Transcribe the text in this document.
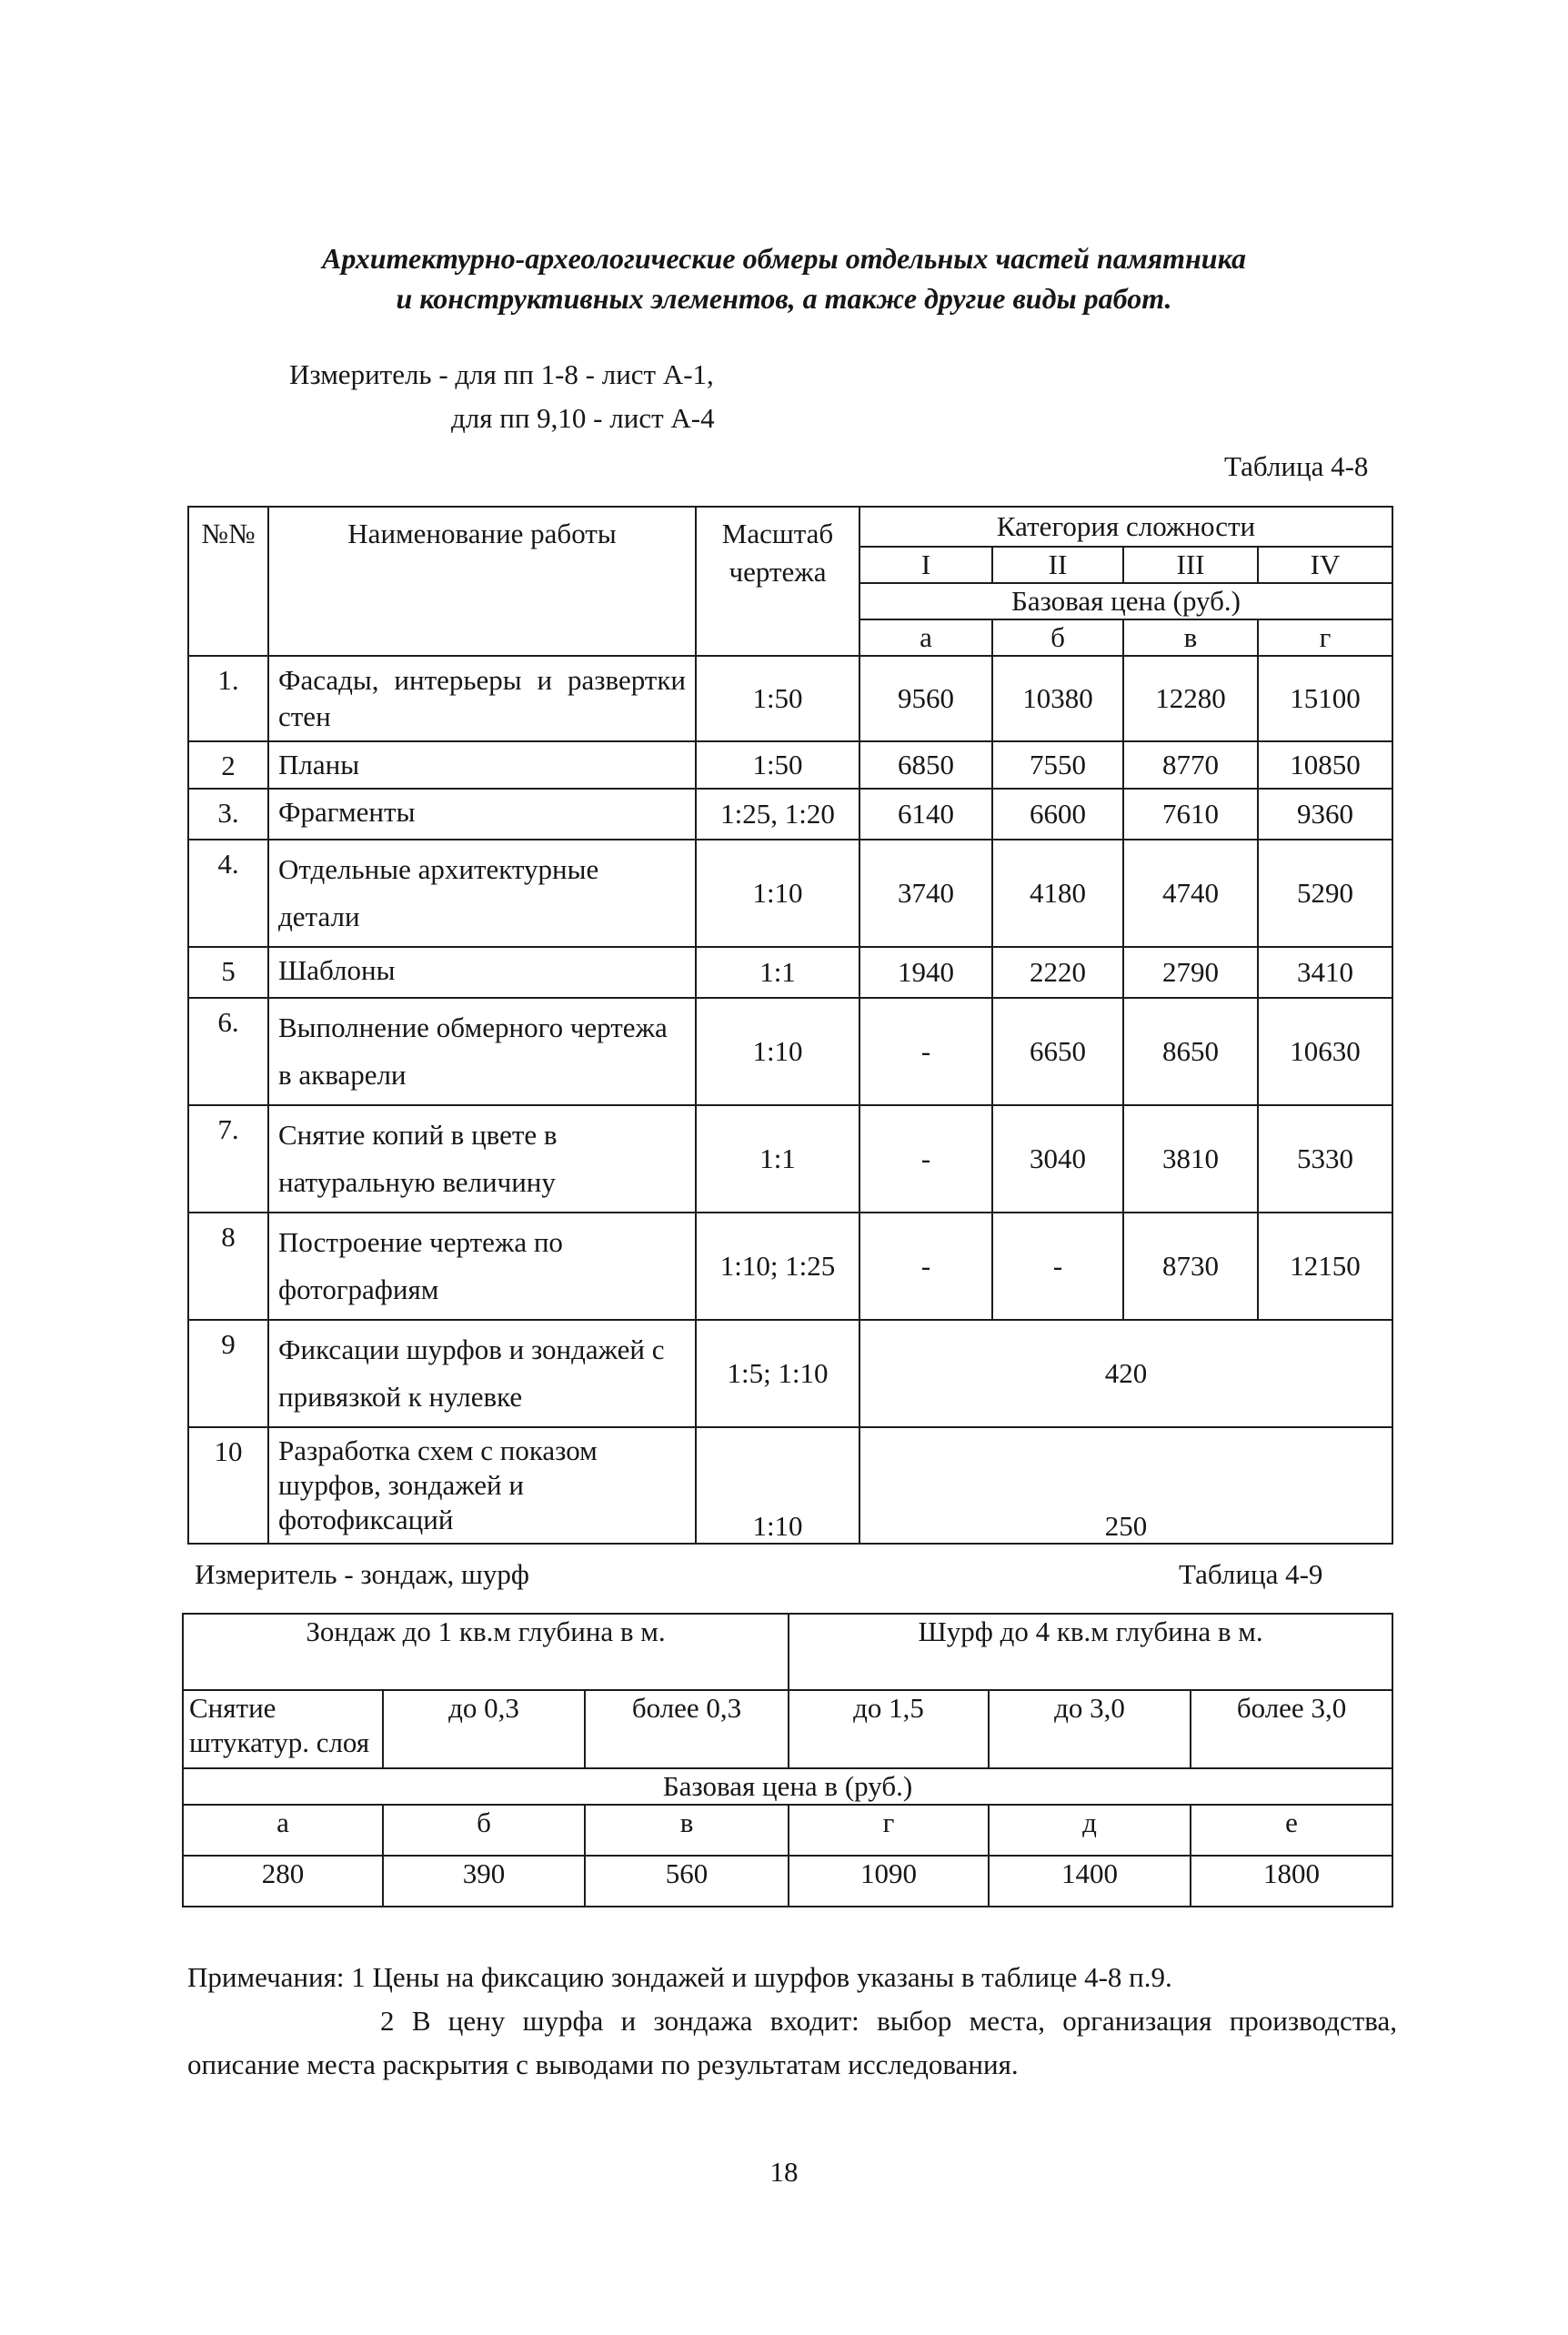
Архитектурно-археологические обмеры отдельных частей памятника
и конструктивных элементов, а также другие виды работ.
Измеритель - для пп 1-8 - лист А-1,
для пп 9,10 - лист А-4
Таблица 4-8
№№	Наименование работы	Масштаб чертежа	Категория сложности			
			I	II	III	IV
			Базовая цена (руб.)			
			а	б	в	г
1.	Фасады, интерьеры и развертки стен	1:50	9560	10380	12280	15100
2	Планы	1:50	6850	7550	8770	10850
3.	Фрагменты	1:25, 1:20	6140	6600	7610	9360
4.	Отдельные архитектурные детали	1:10	3740	4180	4740	5290
5	Шаблоны	1:1	1940	2220	2790	3410
6.	Выполнение обмерного чертежа в акварели	1:10	-	6650	8650	10630
7.	Снятие копий в цвете в натуральную величину	1:1	-	3040	3810	5330
8	Построение чертежа по фотографиям	1:10; 1:25	-	-	8730	12150
9	Фиксации шурфов и зондажей с привязкой к нулевке	1:5; 1:10	420			
10	Разработка схем с показом шурфов, зондажей и фотофиксаций	1:10	250			
Измеритель - зондаж, шурф	Таблица 4-9
Зондаж до 1 кв.м глубина в м.			Шурф до 4 кв.м глубина в м.		
Снятие штукатур. слоя	до 0,3	более 0,3	до 1,5	до 3,0	более 3,0
Базовая цена в (руб.)					
а	б	в	г	д	е
280	390	560	1090	1400	1800

Примечания: 1 Цены на фиксацию зондажей и шурфов указаны в таблице 4-8 п.9.

2 В цену шурфа и зондажа входит: выбор места, организация производства, описание места раскрытия с выводами по результатам исследования.

18
